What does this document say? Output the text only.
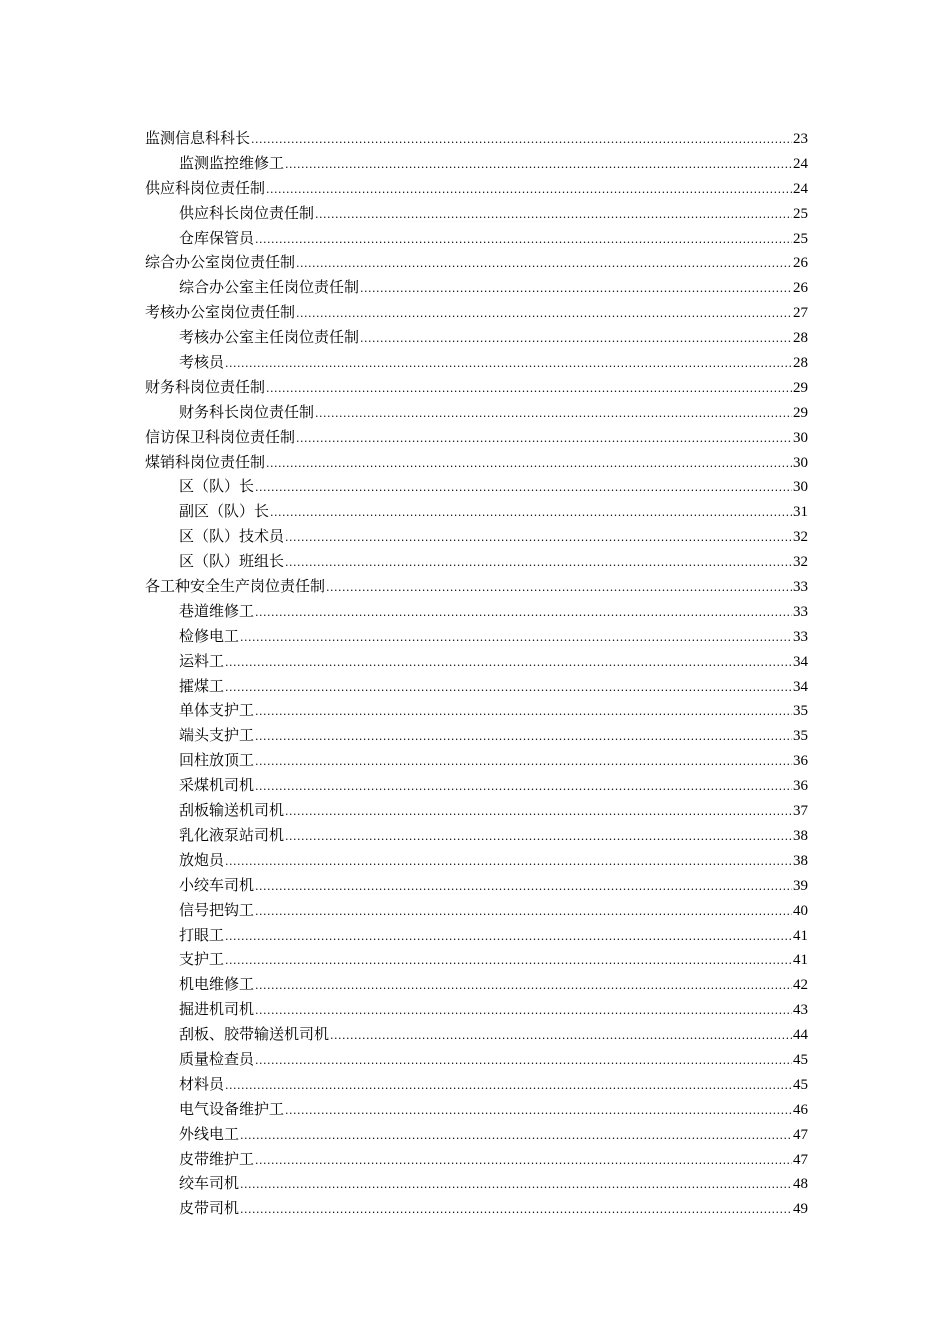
监测信息科科长 .....	23
监测监控维修工 .....	24
供应科岗位责任制 .....	24
供应科长岗位责任制 .....	25
仓库保管员 .....	25
综合办公室岗位责任制 .....	26
综合办公室主任岗位责任制 .....	26
考核办公室岗位责任制 .....	27
考核办公室主任岗位责任制 .....	28
考核员 .....	28
财务科岗位责任制 .....	29
财务科长岗位责任制 .....	29
信访保卫科岗位责任制 .....	30
煤销科岗位责任制 .....	30
区（队）长 .....	30
副区（队）长 .....	31
区（队）技术员 .....	32
区（队）班组长 .....	32
各工种安全生产岗位责任制 .....	33
巷道维修工 .....	33
检修电工 .....	33
运料工 .....	34
攉煤工 .....	34
单体支护工 .....	35
端头支护工 .....	35
回柱放顶工 .....	36
采煤机司机 .....	36
刮板输送机司机 .....	37
乳化液泵站司机 .....	38
放炮员 .....	38
小绞车司机 .....	39
信号把钩工 .....	40
打眼工 .....	41
支护工 .....	41
机电维修工 .....	42
掘进机司机 .....	43
刮板、胶带输送机司机 .....	44
质量检查员 .....	45
材料员 .....	45
电气设备维护工 .....	46
外线电工 .....	47
皮带维护工 .....	47
绞车司机 .....	48
皮带司机 .....	49
